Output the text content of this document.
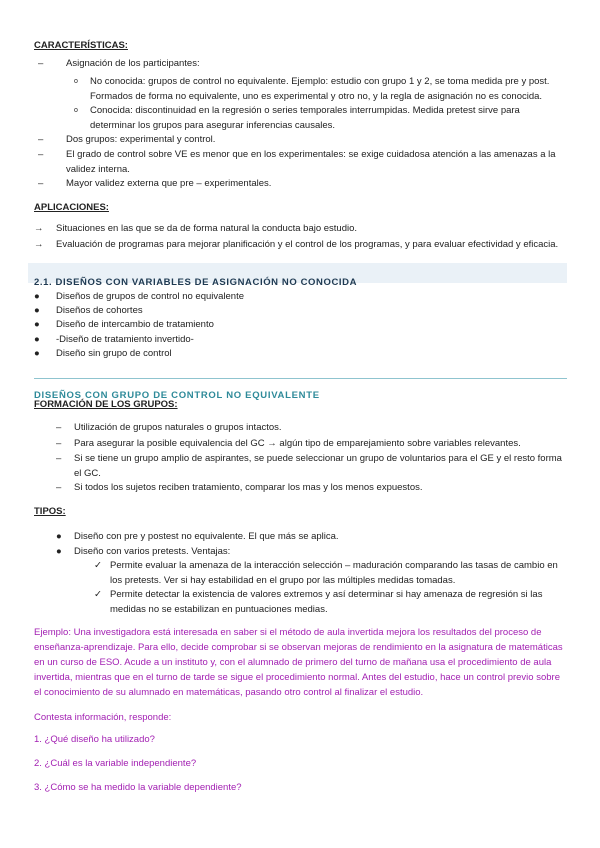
CARACTERÍSTICAS:

–	Asignación de los participantes:
o	No conocida: grupos de control no equivalente. Ejemplo: estudio con grupo 1 y 2, se toma medida pre y post. Formados de forma no equivalente, uno es experimental y otro no, y la regla de asignación no es conocida.
o	Conocida: discontinuidad en la regresión o series temporales interrumpidas. Medida pretest sirve para determinar los grupos para asegurar inferencias causales.
–	Dos grupos: experimental y control.
–	El grado de control sobre VE es menor que en los experimentales: se exige cuidadosa atención a las amenazas a la validez interna.
–	Mayor validez externa que pre – experimentales.

APLICACIONES:

→	Situaciones en las que se da de forma natural la conducta bajo estudio.
→	Evaluación de programas para mejorar planificación y el control de los programas, y para evaluar efectividad y eficacia.

2.1. DISEÑOS CON VARIABLES DE ASIGNACIÓN NO CONOCIDA

●	Diseños de grupos de control no equivalente
●	Diseños de cohortes
●	Diseño de intercambio de tratamiento
●	-Diseño de tratamiento invertido-
●	Diseño sin grupo de control

DISEÑOS CON GRUPO DE CONTROL NO EQUIVALENTE

FORMACIÓN DE LOS GRUPOS:

–	Utilización de grupos naturales o grupos intactos.
–	Para asegurar la posible equivalencia del GC → algún tipo de emparejamiento sobre variables relevantes.
–	Si se tiene un grupo amplio de aspirantes, se puede seleccionar un grupo de voluntarios para el GE y el resto forma el GC.
–	Si todos los sujetos reciben tratamiento, comparar los mas y los menos expuestos.

TIPOS:

●	Diseño con pre y postest no equivalente. El que más se aplica.
●	Diseño con varios pretests. Ventajas:
✓ Permite evaluar la amenaza de la interacción selección – maduración comparando las tasas de cambio en los pretests. Ver si hay estabilidad en el grupo por las múltiples medidas tomadas.
✓ Permite detectar la existencia de valores extremos y así determinar si hay amenaza de regresión si las medidas no se estabilizan en puntuaciones medias.

Ejemplo: Una investigadora está interesada en saber si el método de aula invertida mejora los resultados del proceso de enseñanza-aprendizaje. Para ello, decide comprobar si se observan mejoras de rendimiento en la asignatura de matemáticas en un curso de ESO. Acude a un instituto y, con el alumnado de primero del turno de mañana usa el procedimiento de aula invertida, mientras que en el turno de tarde se sigue el procedimiento normal. Antes del estudio, hace un control previo sobre el conocimiento de su alumnado en matemáticas, pasando otro control al finalizar el estudio.

Contesta información, responde:

1. ¿Qué diseño ha utilizado?

2. ¿Cuál es la variable independiente?

3. ¿Cómo se ha medido la variable dependiente?
